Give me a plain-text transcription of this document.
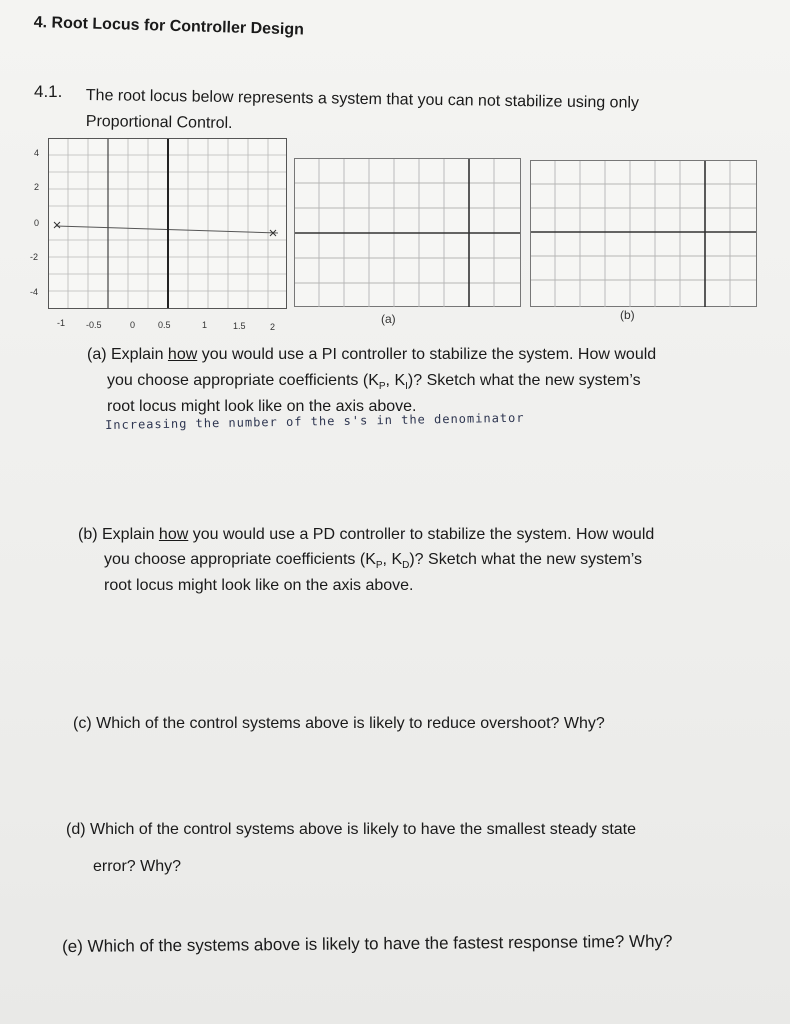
4. Root Locus for Controller Design
4.1. The root locus below represents a system that you can not stabilize using only
Proportional Control.
4
2
0
-2
-4
-1 -0.5	0	0.5	1	1.5	2
(a)	(b)
(a) Explain how you would use a PI controller to stabilize the system. How would
you choose appropriate coefficients ($K_P$, $K_I$)? Sketch what the new system’s
root locus might look like on the axis above.
Increasing the number of the s's in the denominator
(b) Explain how you would use a PD controller to stabilize the system. How would
you choose appropriate coefficients ($K_P$, $K_D$)? Sketch what the new system’s
root locus might look like on the axis above.
(c) Which of the control systems above is likely to reduce overshoot? Why?
(d) Which of the control systems above is likely to have the smallest steady state
error? Why?
(e) Which of the systems above is likely to have the fastest response time? Why?
